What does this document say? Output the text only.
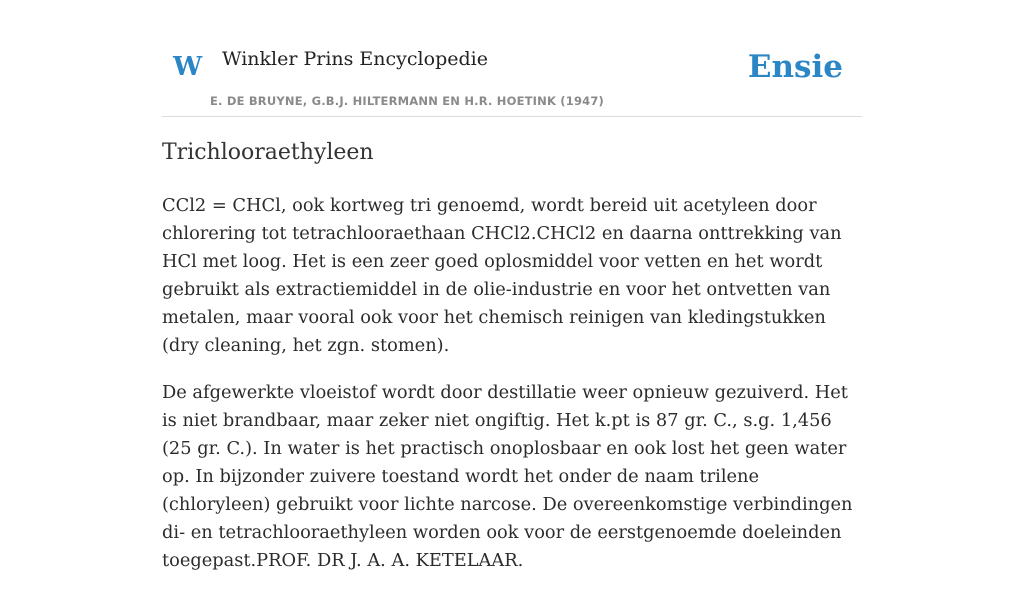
W Winkler Prins Encyclopedie
E. DE BRUYNE, G.B.J. HILTERMANN EN H.R. HOETINK (1947)
Ensie
Trichlooraethyleen

CCl2 = CHCl, ook kortweg tri genoemd, wordt bereid uit acetyleen door chlorering tot tetrachlooraethaan CHCl2.CHCl2 en daarna onttrekking van HCl met loog. Het is een zeer goed oplosmiddel voor vetten en het wordt gebruikt als extractiemiddel in de olie-industrie en voor het ontvetten van metalen, maar vooral ook voor het chemisch reinigen van kledingstukken (dry cleaning, het zgn. stomen).

De afgewerkte vloeistof wordt door destillatie weer opnieuw gezuiverd. Het is niet brandbaar, maar zeker niet ongiftig. Het k.pt is 87 gr. C., s.g. 1,456 (25 gr. C.). In water is het practisch onoplosbaar en ook lost het geen water op. In bijzonder zuivere toestand wordt het onder de naam trilene (chloryleen) gebruikt voor lichte narcose. De overeenkomstige verbindingen di- en tetrachlooraethyleen worden ook voor de eerstgenoemde doeleinden toegepast.PROF. DR J. A. A. KETELAAR.
